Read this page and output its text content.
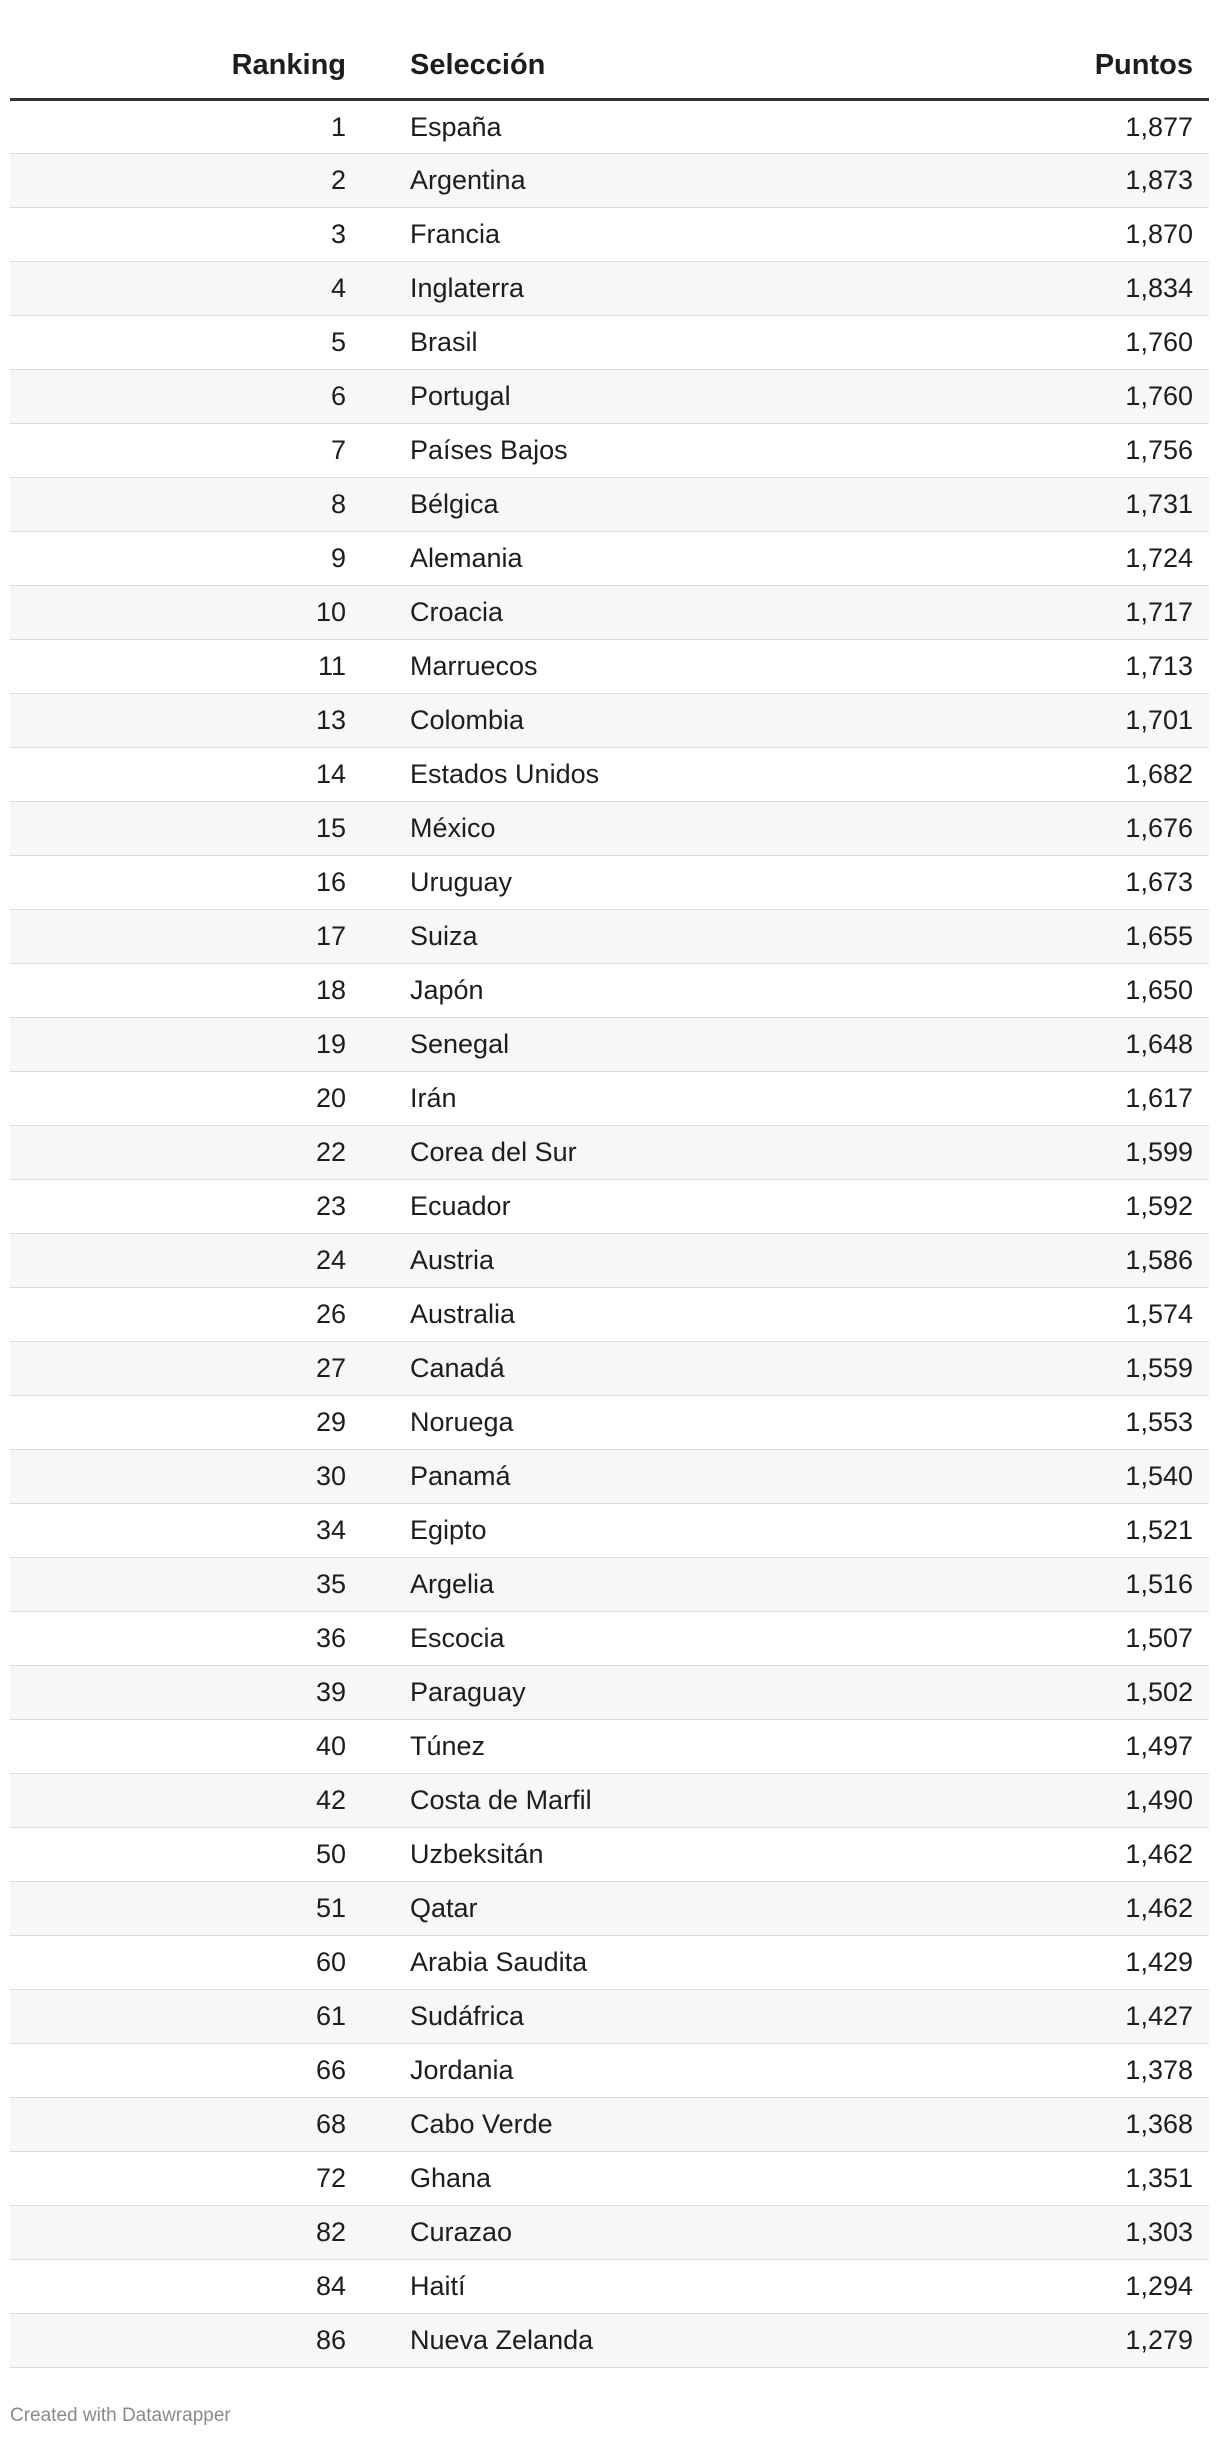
Ranking	Selección	Puntos
1	España	1,877
2	Argentina	1,873
3	Francia	1,870
4	Inglaterra	1,834
5	Brasil	1,760
6	Portugal	1,760
7	Países Bajos	1,756
8	Bélgica	1,731
9	Alemania	1,724
10	Croacia	1,717
11	Marruecos	1,713
13	Colombia	1,701
14	Estados Unidos	1,682
15	México	1,676
16	Uruguay	1,673
17	Suiza	1,655
18	Japón	1,650
19	Senegal	1,648
20	Irán	1,617
22	Corea del Sur	1,599
23	Ecuador	1,592
24	Austria	1,586
26	Australia	1,574
27	Canadá	1,559
29	Noruega	1,553
30	Panamá	1,540
34	Egipto	1,521
35	Argelia	1,516
36	Escocia	1,507
39	Paraguay	1,502
40	Túnez	1,497
42	Costa de Marfil	1,490
50	Uzbeksitán	1,462
51	Qatar	1,462
60	Arabia Saudita	1,429
61	Sudáfrica	1,427
66	Jordania	1,378
68	Cabo Verde	1,368
72	Ghana	1,351
82	Curazao	1,303
84	Haití	1,294
86	Nueva Zelanda	1,279
Created with Datawrapper
